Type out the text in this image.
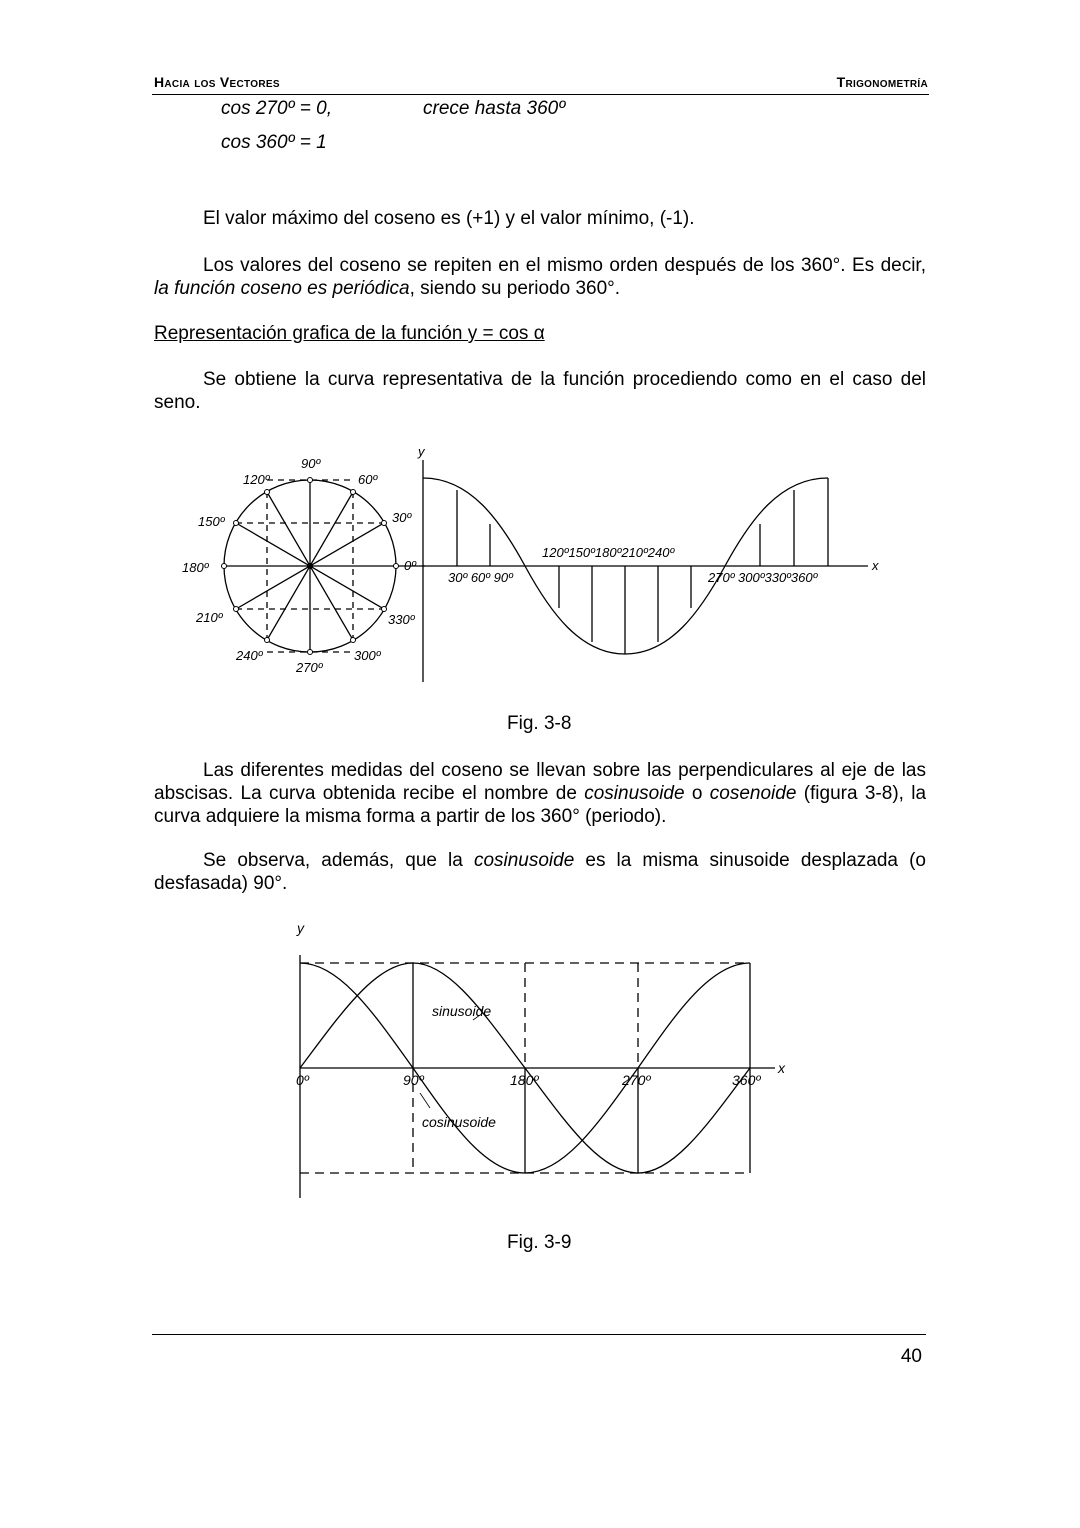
Hacia los Vectores	Trigonometría
cos 270º = 0,	crece hasta 360º
cos 360º = 1
El valor máximo del coseno es (+1) y el valor mínimo, (-1).
Los valores del coseno se repiten en el mismo orden después de los 360°. Es decir, la función coseno es periódica, siendo su periodo 360°.
Representación grafica de la función y = cos α
Se obtiene la curva representativa de la función procediendo como en el caso del seno.
0º
30º
60º
90º
120º
150º
180º
210º
240º
270º
300º
330º
y
x
30º 60º 90º
120º150º180º210º240º
270º 300º330º360º
Fig. 3-8
Las diferentes medidas del coseno se llevan sobre las perpendiculares al eje de las abscisas. La curva obtenida recibe el nombre de cosinusoide o cosenoide (figura 3-8), la curva adquiere la misma forma a partir de los 360° (periodo).
Se observa, además, que la cosinusoide es la misma sinusoide desplazada (o desfasada) 90°.
y
x
0º	90º	180º	270º	360º
sinusoide
cosinusoide
Fig. 3-9
40
